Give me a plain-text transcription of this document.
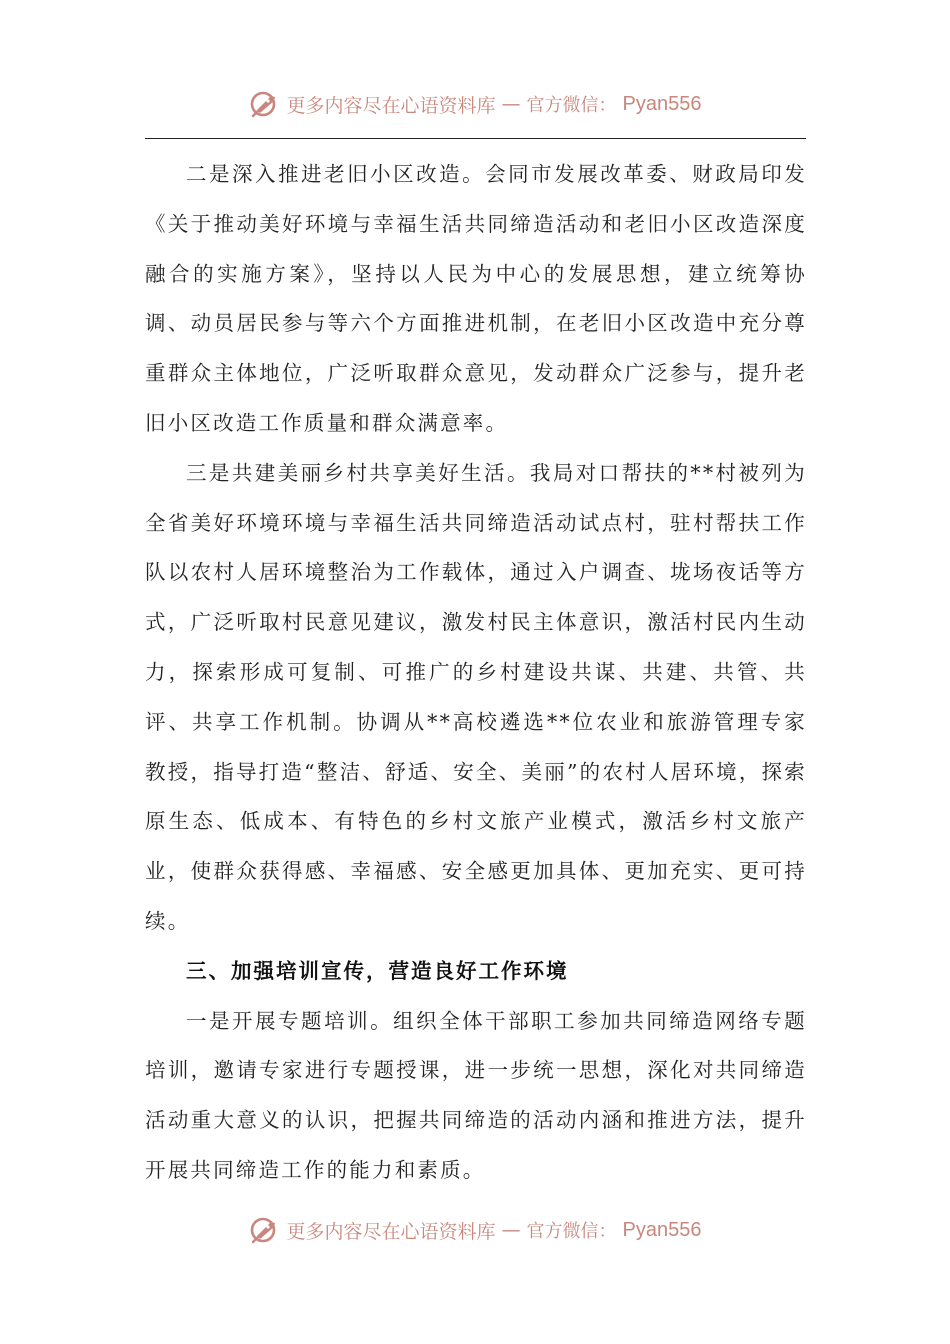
更多内容尽在心语资料库 — 官方微信： Pyan556

二是深入推进老旧小区改造。会同市发展改革委、财政局印发《关于推动美好环境与幸福生活共同缔造活动和老旧小区改造深度融合的实施方案》，坚持以人民为中心的发展思想，建立统筹协调、动员居民参与等六个方面推进机制，在老旧小区改造中充分尊重群众主体地位，广泛听取群众意见，发动群众广泛参与，提升老旧小区改造工作质量和群众满意率。

三是共建美丽乡村共享美好生活。我局对口帮扶的**村被列为全省美好环境环境与幸福生活共同缔造活动试点村，驻村帮扶工作队以农村人居环境整治为工作载体，通过入户调查、垅场夜话等方式，广泛听取村民意见建议，激发村民主体意识，激活村民内生动力，探索形成可复制、可推广的乡村建设共谋、共建、共管、共评、共享工作机制。协调从**高校遴选**位农业和旅游管理专家教授，指导打造“整洁、舒适、安全、美丽”的农村人居环境，探索原生态、低成本、有特色的乡村文旅产业模式，激活乡村文旅产业，使群众获得感、幸福感、安全感更加具体、更加充实、更可持续。

三、加强培训宣传，营造良好工作环境

一是开展专题培训。组织全体干部职工参加共同缔造网络专题培训，邀请专家进行专题授课，进一步统一思想，深化对共同缔造活动重大意义的认识，把握共同缔造的活动内涵和推进方法，提升开展共同缔造工作的能力和素质。

更多内容尽在心语资料库 — 官方微信： Pyan556
